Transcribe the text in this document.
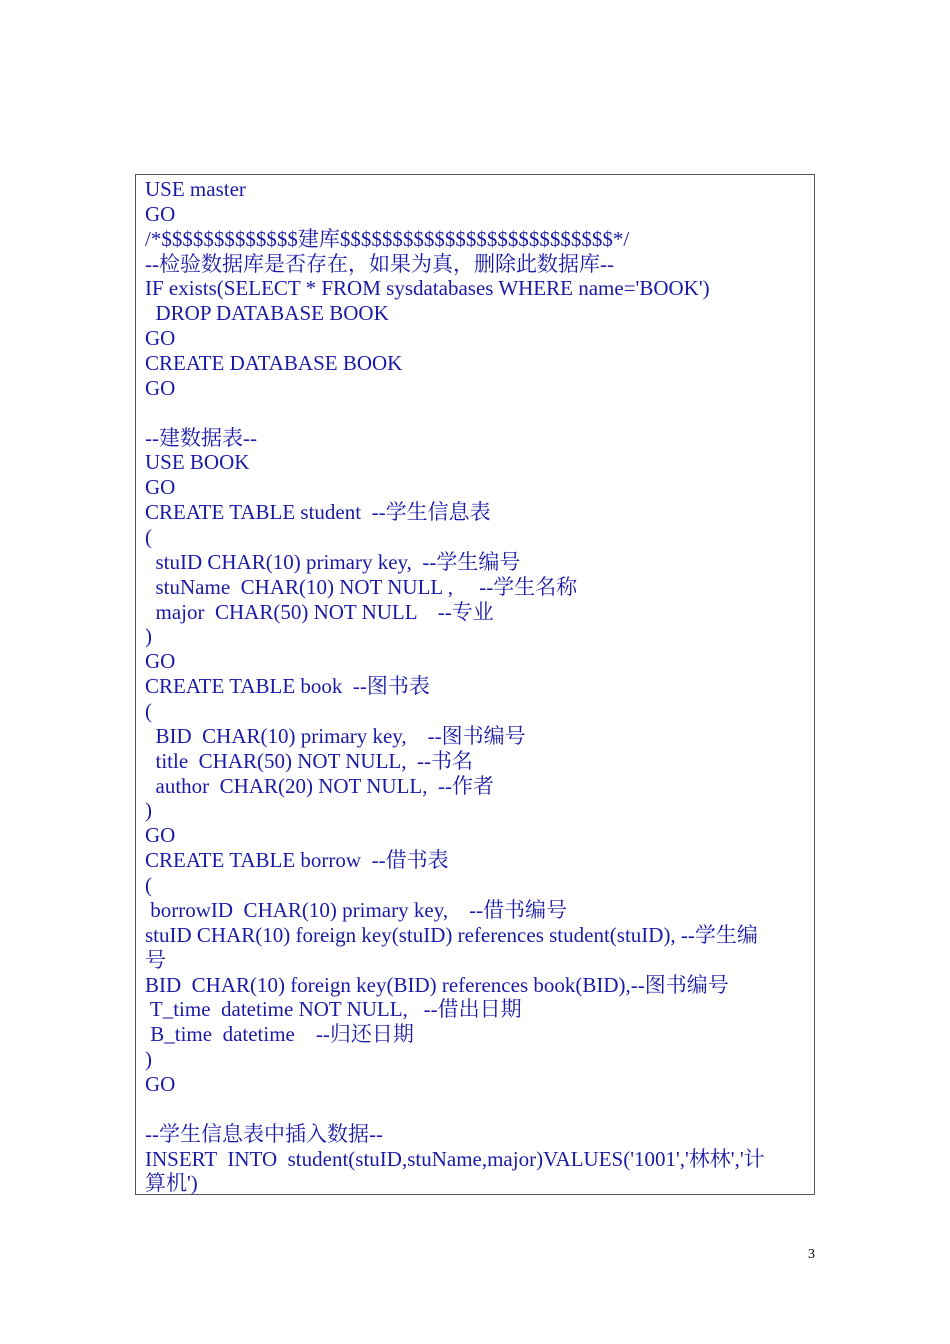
USE master
GO
/*$$$$$$$$$$$$$建库$$$$$$$$$$$$$$$$$$$$$$$$$$*/
--检验数据库是否存在，如果为真，删除此数据库--
IF exists(SELECT * FROM sysdatabases WHERE name='BOOK')
DROP DATABASE BOOK
GO
CREATE DATABASE BOOK
GO
--建数据表--
USE BOOK
GO
CREATE TABLE student  --学生信息表
(
stuID CHAR(10) primary key,  --学生编号
stuName  CHAR(10) NOT NULL ,     --学生名称
major  CHAR(50) NOT NULL    --专业
)
GO
CREATE TABLE book  --图书表
(
BID  CHAR(10) primary key,    --图书编号
title  CHAR(50) NOT NULL,  --书名
author  CHAR(20) NOT NULL,  --作者
)
GO
CREATE TABLE borrow  --借书表
(
borrowID  CHAR(10) primary key,    --借书编号
stuID CHAR(10) foreign key(stuID) references student(stuID), --学生编
号
BID  CHAR(10) foreign key(BID) references book(BID),--图书编号
T_time  datetime NOT NULL,   --借出日期
B_time  datetime    --归还日期
)
GO
--学生信息表中插入数据--
INSERT  INTO  student(stuID,stuName,major)VALUES('1001','林林','计
算机')
3
